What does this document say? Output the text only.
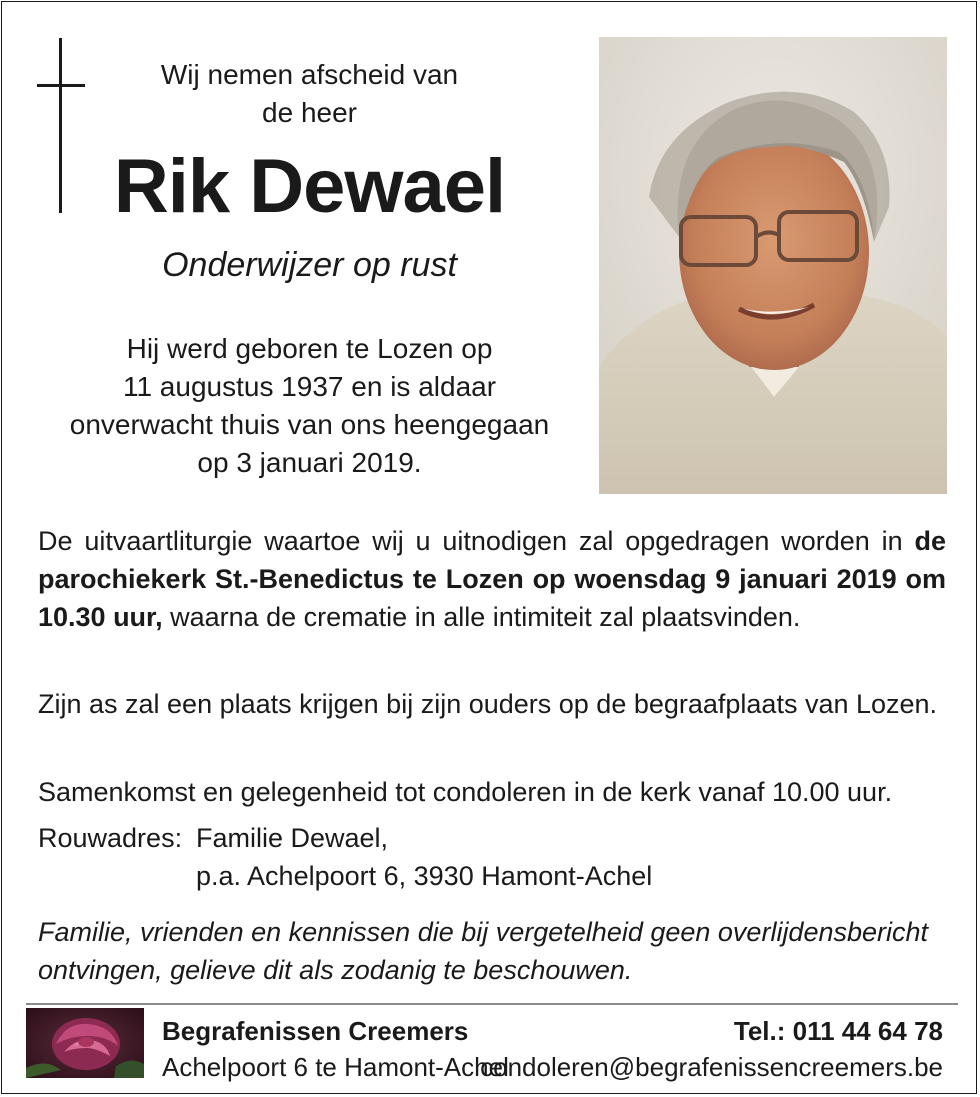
Wij nemen afscheid van
de heer
Rik Dewael
Onderwijzer op rust
Hij werd geboren te Lozen op
11 augustus 1937 en is aldaar
onverwacht thuis van ons heengegaan
op 3 januari 2019.
De uitvaartliturgie waartoe wij u uitnodigen zal opgedragen worden in de parochiekerk St.-Benedictus te Lozen op woensdag 9 januari 2019 om 10.30 uur, waarna de crematie in alle intimiteit zal plaatsvinden.
Zijn as zal een plaats krijgen bij zijn ouders op de begraafplaats van Lozen.
Samenkomst en gelegenheid tot condoleren in de kerk vanaf 10.00 uur.
Rouwadres: Familie Dewael,
p.a. Achelpoort 6, 3930 Hamont-Achel
Familie, vrienden en kennissen die bij vergetelheid geen overlijdensbericht ontvingen, gelieve dit als zodanig te beschouwen.
Begrafenissen Creemers
Achelpoort 6 te Hamont-Achel
Tel.: 011 44 64 78
condoleren@begrafenissencreemers.be
